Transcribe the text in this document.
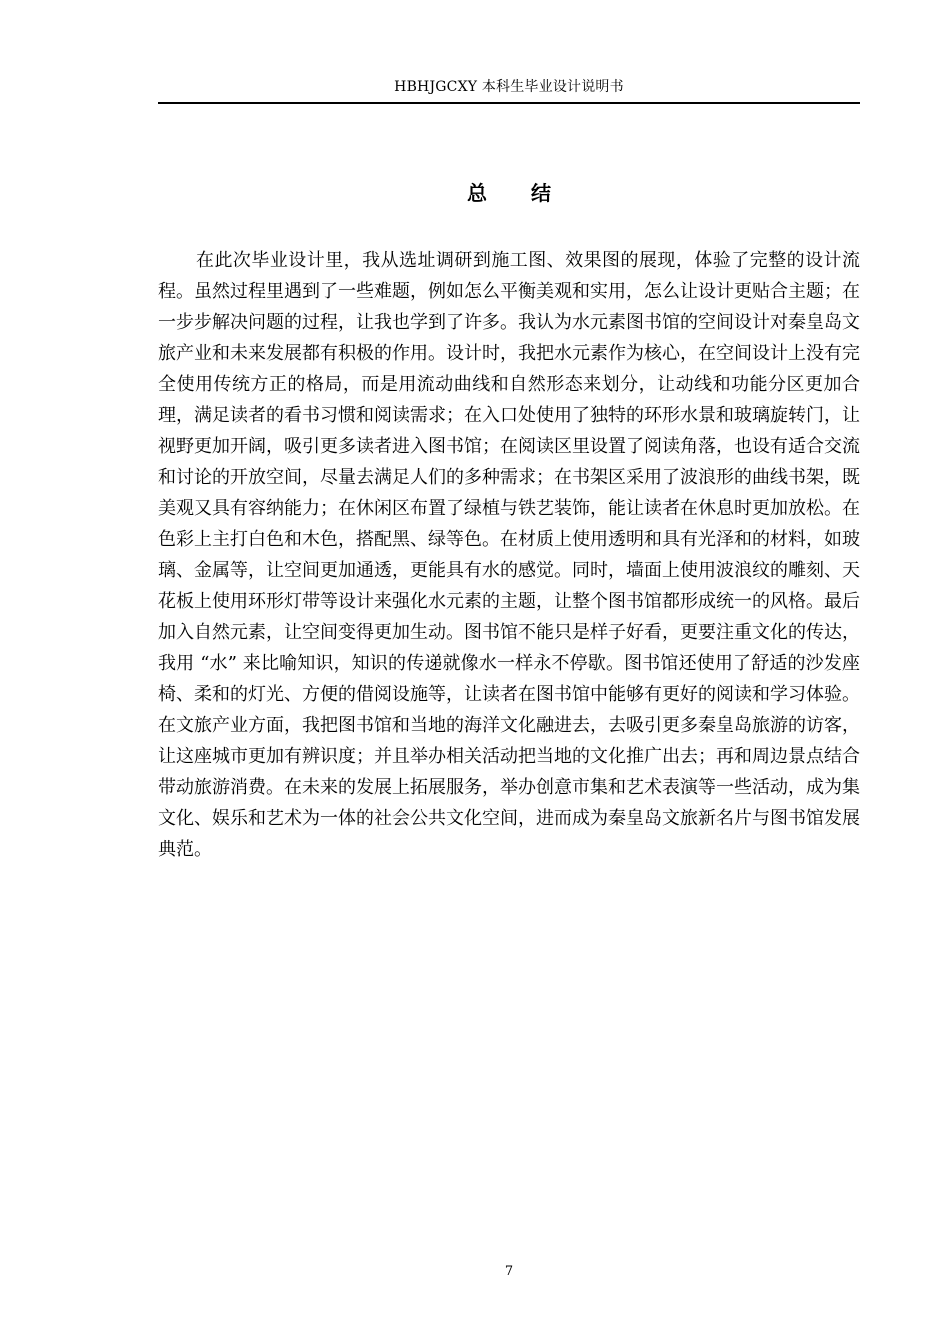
HBHJGCXY 本科生毕业设计说明书
总结

在此次毕业设计里，我从选址调研到施工图、效果图的展现，体验了完整的设计流程。虽然过程里遇到了一些难题，例如怎么平衡美观和实用，怎么让设计更贴合主题；在一步步解决问题的过程，让我也学到了许多。我认为水元素图书馆的空间设计对秦皇岛文旅产业和未来发展都有积极的作用。设计时，我把水元素作为核心，在空间设计上没有完全使用传统方正的格局，而是用流动曲线和自然形态来划分，让动线和功能分区更加合理，满足读者的看书习惯和阅读需求；在入口处使用了独特的环形水景和玻璃旋转门，让视野更加开阔，吸引更多读者进入图书馆；在阅读区里设置了阅读角落，也设有适合交流和讨论的开放空间，尽量去满足人们的多种需求；在书架区采用了波浪形的曲线书架，既美观又具有容纳能力；在休闲区布置了绿植与铁艺装饰，能让读者在休息时更加放松。在色彩上主打白色和木色，搭配黑、绿等色。在材质上使用透明和具有光泽和的材料，如玻璃、金属等，让空间更加通透，更能具有水的感觉。同时，墙面上使用波浪纹的雕刻、天花板上使用环形灯带等设计来强化水元素的主题，让整个图书馆都形成统一的风格。最后加入自然元素，让空间变得更加生动。图书馆不能只是样子好看，更要注重文化的传达，我用 “水” 来比喻知识，知识的传递就像水一样永不停歇。图书馆还使用了舒适的沙发座椅、柔和的灯光、方便的借阅设施等，让读者在图书馆中能够有更好的阅读和学习体验。在文旅产业方面，我把图书馆和当地的海洋文化融进去，去吸引更多秦皇岛旅游的访客，让这座城市更加有辨识度；并且举办相关活动把当地的文化推广出去；再和周边景点结合带动旅游消费。在未来的发展上拓展服务，举办创意市集和艺术表演等一些活动，成为集文化、娱乐和艺术为一体的社会公共文化空间，进而成为秦皇岛文旅新名片与图书馆发展典范。

7
